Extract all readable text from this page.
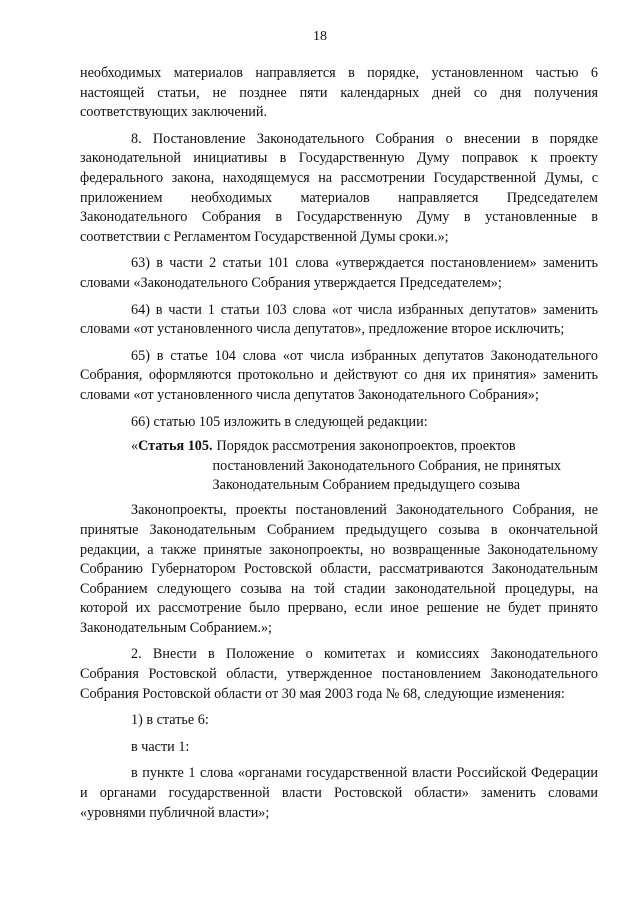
18

необходимых материалов направляется в порядке, установленном частью 6 настоящей статьи, не позднее пяти календарных дней со дня получения соответствующих заключений.

8. Постановление Законодательного Собрания о внесении в порядке законодательной инициативы в Государственную Думу поправок к проекту федерального закона, находящемуся на рассмотрении Государственной Думы, с приложением необходимых материалов направляется Председателем Законодательного Собрания в Государственную Думу в установленные в соответствии с Регламентом Государственной Думы сроки.»;

63) в части 2 статьи 101 слова «утверждается постановлением» заменить словами «Законодательного Собрания утверждается Председателем»;

64) в части 1 статьи 103 слова «от числа избранных депутатов» заменить словами «от установленного числа депутатов», предложение второе исключить;

65) в статье 104 слова «от числа избранных депутатов Законодательного Собрания, оформляются протокольно и действуют со дня их принятия» заменить словами «от установленного числа депутатов Законодательного Собрания»;

66) статью 105 изложить в следующей редакции:

«Статья 105. Порядок рассмотрения законопроектов, проектов
постановлений Законодательного Собрания, не принятых
Законодательным Собранием предыдущего созыва

Законопроекты, проекты постановлений Законодательного Собрания, не принятые Законодательным Собранием предыдущего созыва в окончательной редакции, а также принятые законопроекты, но возвращенные Законодательному Собранию Губернатором Ростовской области, рассматриваются Законодательным Собранием следующего созыва на той стадии законодательной процедуры, на которой их рассмотрение было прервано, если иное решение не будет принято Законодательным Собранием.»;

2. Внести в Положение о комитетах и комиссиях Законодательного Собрания Ростовской области, утвержденное постановлением Законодательного Собрания Ростовской области от 30 мая 2003 года № 68, следующие изменения:

1) в статье 6:

в части 1:

в пункте 1 слова «органами государственной власти Российской Федерации и органами государственной власти Ростовской области» заменить словами «уровнями публичной власти»;
